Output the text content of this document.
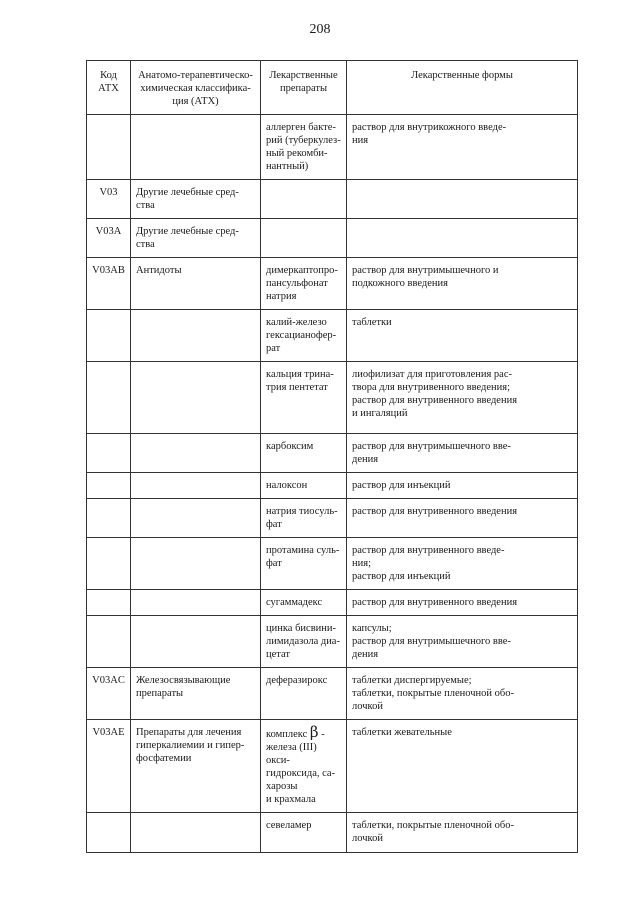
208
Код АТХ	Анатомо-терапевтическо-
химическая классифика-
ция (АТХ)	Лекарственные
препараты	Лекарственные формы
		аллерген бакте-
рий (туберкулез-
ный рекомби-
нантный)	раствор для внутрикожного введе-
ния
V03	Другие лечебные сред-
ства		
V03A	Другие лечебные сред-
ства		
V03AB	Антидоты	димеркаптопро-
пансульфонат
натрия	раствор для внутримышечного и
подкожного введения
		калий-железо
гексацианофер-
рат	таблетки
		кальция трина-
трия пентетат	лиофилизат для приготовления рас-
твора для внутривенного введения;
раствор для внутривенного введения
и ингаляций
		карбоксим	раствор для внутримышечного вве-
дения
		налоксон	раствор для инъекций
		натрия тиосуль-
фат	раствор для внутривенного введения
		протамина суль-
фат	раствор для внутривенного введе-
ния;
раствор для инъекций
		сугаммадекс	раствор для внутривенного введения
		цинка бисвини-
лимидазола диа-
цетат	капсулы;
раствор для внутримышечного вве-
дения
V03AC	Железосвязывающие
препараты	деферазирокс	таблетки диспергируемые;
таблетки, покрытые пленочной обо-
лочкой
V03AE	Препараты для лечения
гиперкалиемии и гипер-
фосфатемии	комплекс β -
железа (III) окси-
гидроксида, са-
харозы
и крахмала	таблетки жевательные
		севеламер	таблетки, покрытые пленочной обо-
лочкой
